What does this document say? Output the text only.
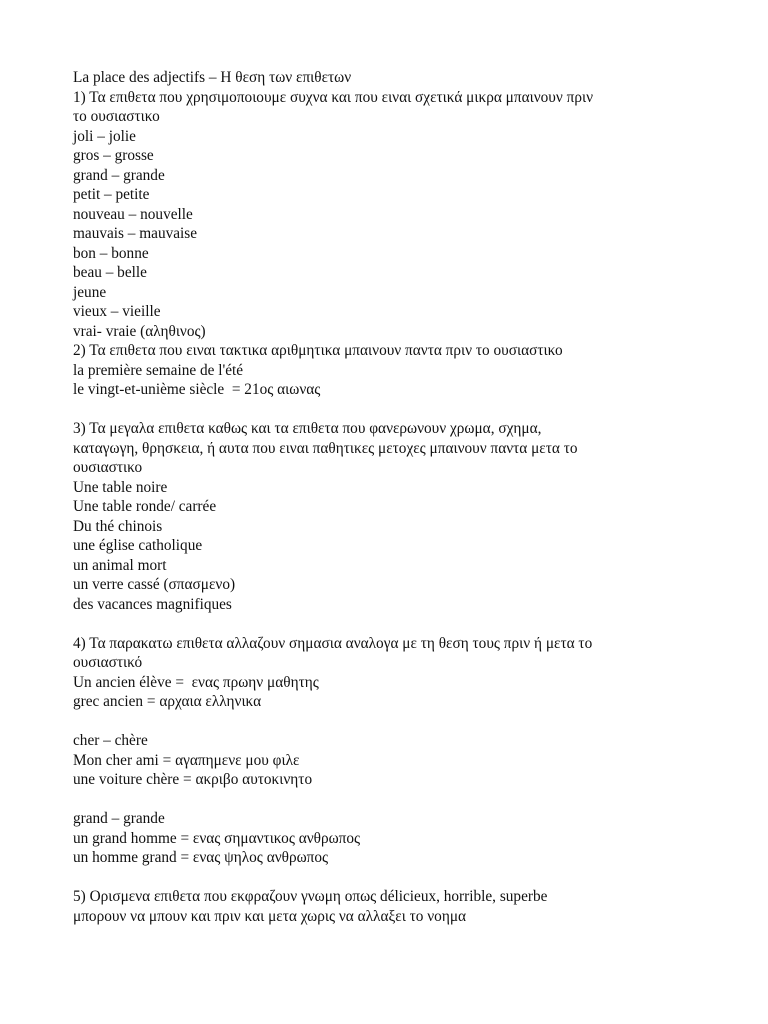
La place des adjectifs – Η θεση των επιθετων
1) Τα επιθετα που χρησιμοποιουμε συχνα και που ειναι σχετικά μικρα μπαινουν πριν
το ουσιαστικο
joli – jolie
gros – grosse
grand – grande
petit – petite
nouveau – nouvelle
mauvais – mauvaise
bon – bonne
beau – belle
jeune
vieux – vieille
vrai- vraie (αληθινος)
2) Τα επιθετα που ειναι τακτικα αριθμητικα μπαινουν παντα πριν το ουσιαστικο
la première semaine de l'été
le vingt-et-unième siècle  = 21ος αιωνας
3) Τα μεγαλα επιθετα καθως και τα επιθετα που φανερωνουν χρωμα, σχημα,
καταγωγη, θρησκεια, ή αυτα που ειναι παθητικες μετοχες μπαινουν παντα μετα το
ουσιαστικο
Une table noire
Une table ronde/ carrée
Du thé chinois
une église catholique
un animal mort
un verre cassé (σπασμενο)
des vacances magnifiques
4) Τα παρακατω επιθετα αλλαζουν σημασια αναλογα με τη θεση τους πριν ή μετα το
ουσιαστικό
Un ancien élève =  ενας πρωην μαθητης
grec ancien = αρχαια ελληνικα
cher – chère
Mon cher ami = αγαπημενε μου φιλε
une voiture chère = ακριβο αυτοκινητο
grand – grande
un grand homme = ενας σημαντικος ανθρωπος
un homme grand = ενας ψηλος ανθρωπος
5) Ορισμενα επιθετα που εκφραζουν γνωμη οπως délicieux, horrible, superbe
μπορουν να μπουν και πριν και μετα χωρις να αλλαξει το νοημα
